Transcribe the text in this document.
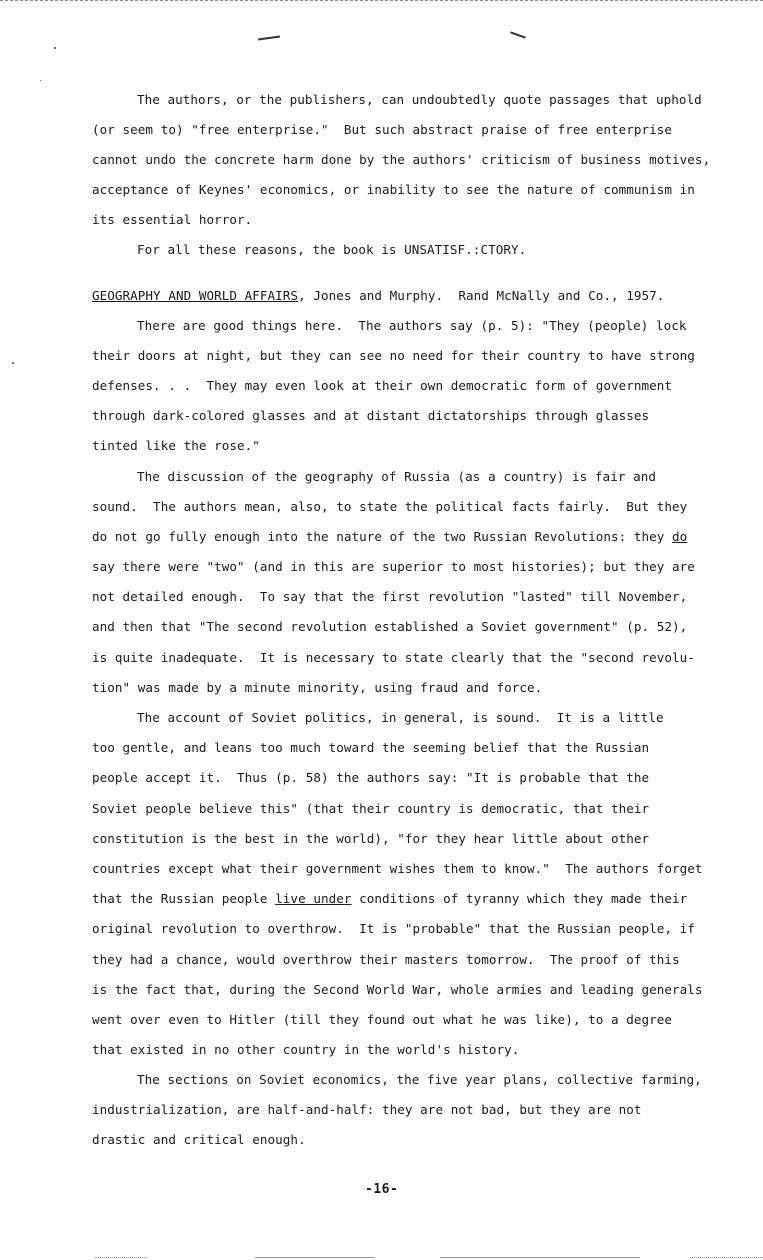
The authors, or the publishers, can undoubtedly quote passages that uphold
(or seem to) "free enterprise."  But such abstract praise of free enterprise
cannot undo the concrete harm done by the authors' criticism of business motives,
acceptance of Keynes' economics, or inability to see the nature of communism in
its essential horror.
For all these reasons, the book is UNSATISF.:CTORY.
GEOGRAPHY AND WORLD AFFAIRS, Jones and Murphy.  Rand McNally and Co., 1957.
There are good things here.  The authors say (p. 5): "They (people) lock
their doors at night, but they can see no need for their country to have strong
defenses. . .  They may even look at their own democratic form of government
through dark-colored glasses and at distant dictatorships through glasses
tinted like the rose."
The discussion of the geography of Russia (as a country) is fair and
sound.  The authors mean, also, to state the political facts fairly.  But they
do not go fully enough into the nature of the two Russian Revolutions: they do
say there were "two" (and in this are superior to most histories); but they are
not detailed enough.  To say that the first revolution "lasted" till November,
and then that "The second revolution established a Soviet government" (p. 52),
is quite inadequate.  It is necessary to state clearly that the "second revolu-
tion" was made by a minute minority, using fraud and force.
The account of Soviet politics, in general, is sound.  It is a little
too gentle, and leans too much toward the seeming belief that the Russian
people accept it.  Thus (p. 58) the authors say: "It is probable that the
Soviet people believe this" (that their country is democratic, that their
constitution is the best in the world), "for they hear little about other
countries except what their government wishes them to know."  The authors forget
that the Russian people live under conditions of tyranny which they made their
original revolution to overthrow.  It is "probable" that the Russian people, if
they had a chance, would overthrow their masters tomorrow.  The proof of this
is the fact that, during the Second World War, whole armies and leading generals
went over even to Hitler (till they found out what he was like), to a degree
that existed in no other country in the world's history.
The sections on Soviet economics, the five year plans, collective farming,
industrialization, are half-and-half: they are not bad, but they are not
drastic and critical enough.
-16-
